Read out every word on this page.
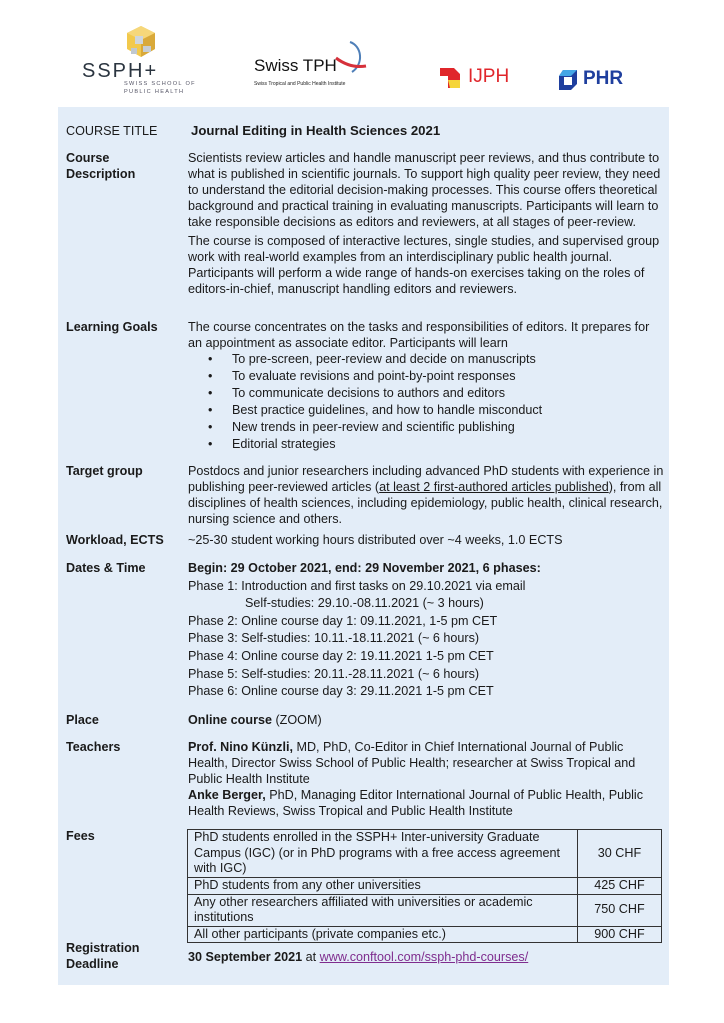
SSPH+
SWISS SCHOOL OF
PUBLIC HEALTH
Swiss TPH
Swiss Tropical and Public Health Institute	IJPH	PHR
COURSE TITLE	Journal Editing in Health Sciences 2021
Course
Description

Scientists review articles and handle manuscript peer reviews, and thus contribute to what is published in scientific journals. To support high quality peer review, they need to understand the editorial decision-making processes. This course offers theoretical background and practical training in evaluating manuscripts. Participants will learn to take responsible decisions as editors and reviewers, at all stages of peer-review.

The course is composed of interactive lectures, single studies, and supervised group work with real-world examples from an interdisciplinary public health journal. Participants will perform a wide range of hands-on exercises taking on the roles of editors-in-chief, manuscript handling editors and reviewers.

Learning Goals The course concentrates on the tasks and responsibilities of editors. It prepares for an appointment as associate editor. Participants will learn

• To pre-screen, peer-review and decide on manuscripts
• To evaluate revisions and point-by-point responses
• To communicate decisions to authors and editors
• Best practice guidelines, and how to handle misconduct
• New trends in peer-review and scientific publishing
• Editorial strategies
Target group	Postdocs and junior researchers including advanced PhD students with experience in publishing peer-reviewed articles (at least 2 first-authored articles published), from all disciplines of health sciences, including epidemiology, public health, clinical research, nursing science and others.
Workload, ECTS ~25-30 student working hours distributed over ~4 weeks, 1.0 ECTS
Dates & Time	Begin: 29 October 2021, end: 29 November 2021, 6 phases:
Phase 1: Introduction and first tasks on 29.10.2021 via email
Self-studies: 29.10.-08.11.2021 (~ 3 hours)
Phase 2: Online course day 1: 09.11.2021, 1-5 pm CET
Phase 3: Self-studies: 10.11.-18.11.2021 (~ 6 hours)
Phase 4: Online course day 2: 19.11.2021 1-5 pm CET
Phase 5: Self-studies: 20.11.-28.11.2021 (~ 6 hours)
Phase 6: Online course day 3: 29.11.2021 1-5 pm CET
Place	Online course (ZOOM)
Teachers	Prof. Nino Künzli, MD, PhD, Co-Editor in Chief International Journal of Public Health, Director Swiss School of Public Health; researcher at Swiss Tropical and Public Health Institute
Anke Berger, PhD, Managing Editor International Journal of Public Health, Public Health Reviews, Swiss Tropical and Public Health Institute
Fees	PhD students enrolled in the SSPH+ Inter-university Graduate Campus (IGC) (or in PhD programs with a free access agreement with IGC)	30 CHF
PhD students from any other universities	425 CHF
Any other researchers affiliated with universities or academic institutions	750 CHF
All other participants (private companies etc.)	900 CHF
Registration
Deadline	30 September 2021 at www.conftool.com/ssph-phd-courses/
